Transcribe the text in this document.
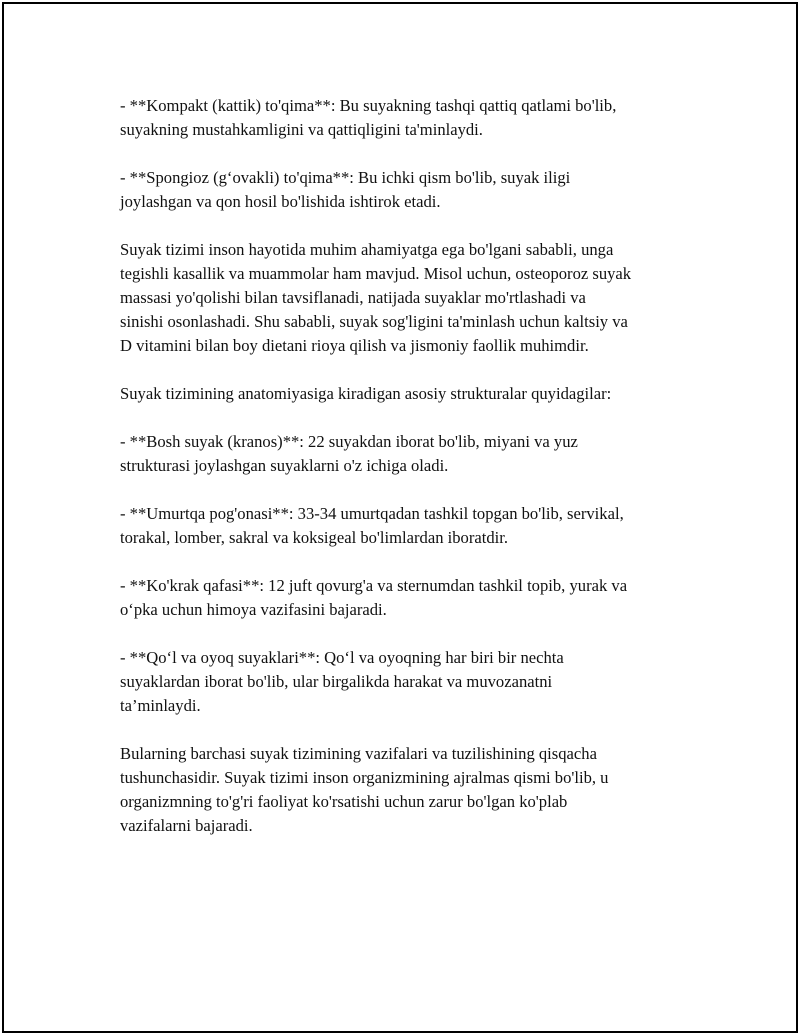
- **Kompakt (kattik) to'qima**: Bu suyakning tashqi qattiq qatlami bo'lib,
suyakning mustahkamligini va qattiqligini ta'minlaydi.

- **Spongioz (g‘ovakli) to'qima**: Bu ichki qism bo'lib, suyak iligi
joylashgan va qon hosil bo'lishida ishtirok etadi.

Suyak tizimi inson hayotida muhim ahamiyatga ega bo'lgani sababli, unga
tegishli kasallik va muammolar ham mavjud. Misol uchun, osteoporoz suyak
massasi yo'qolishi bilan tavsiflanadi, natijada suyaklar mo'rtlashadi va
sinishi osonlashadi. Shu sababli, suyak sog'ligini ta'minlash uchun kaltsiy va
D vitamini bilan boy dietani rioya qilish va jismoniy faollik muhimdir.

Suyak tizimining anatomiyasiga kiradigan asosiy strukturalar quyidagilar:

- **Bosh suyak (kranos)**: 22 suyakdan iborat bo'lib, miyani va yuz
strukturasi joylashgan suyaklarni o'z ichiga oladi.

- **Umurtqa pog'onasi**: 33-34 umurtqadan tashkil topgan bo'lib, servikal,
torakal, lomber, sakral va koksigeal bo'limlardan iboratdir.

- **Ko'krak qafasi**: 12 juft qovurg'a va sternumdan tashkil topib, yurak va
o‘pka uchun himoya vazifasini bajaradi.

- **Qo‘l va oyoq suyaklari**: Qo‘l va oyoqning har biri bir nechta
suyaklardan iborat bo'lib, ular birgalikda harakat va muvozanatni
ta’minlaydi.

Bularning barchasi suyak tizimining vazifalari va tuzilishining qisqacha
tushunchasidir. Suyak tizimi inson organizmining ajralmas qismi bo'lib, u
organizmning to'g'ri faoliyat ko'rsatishi uchun zarur bo'lgan ko'plab
vazifalarni bajaradi.
